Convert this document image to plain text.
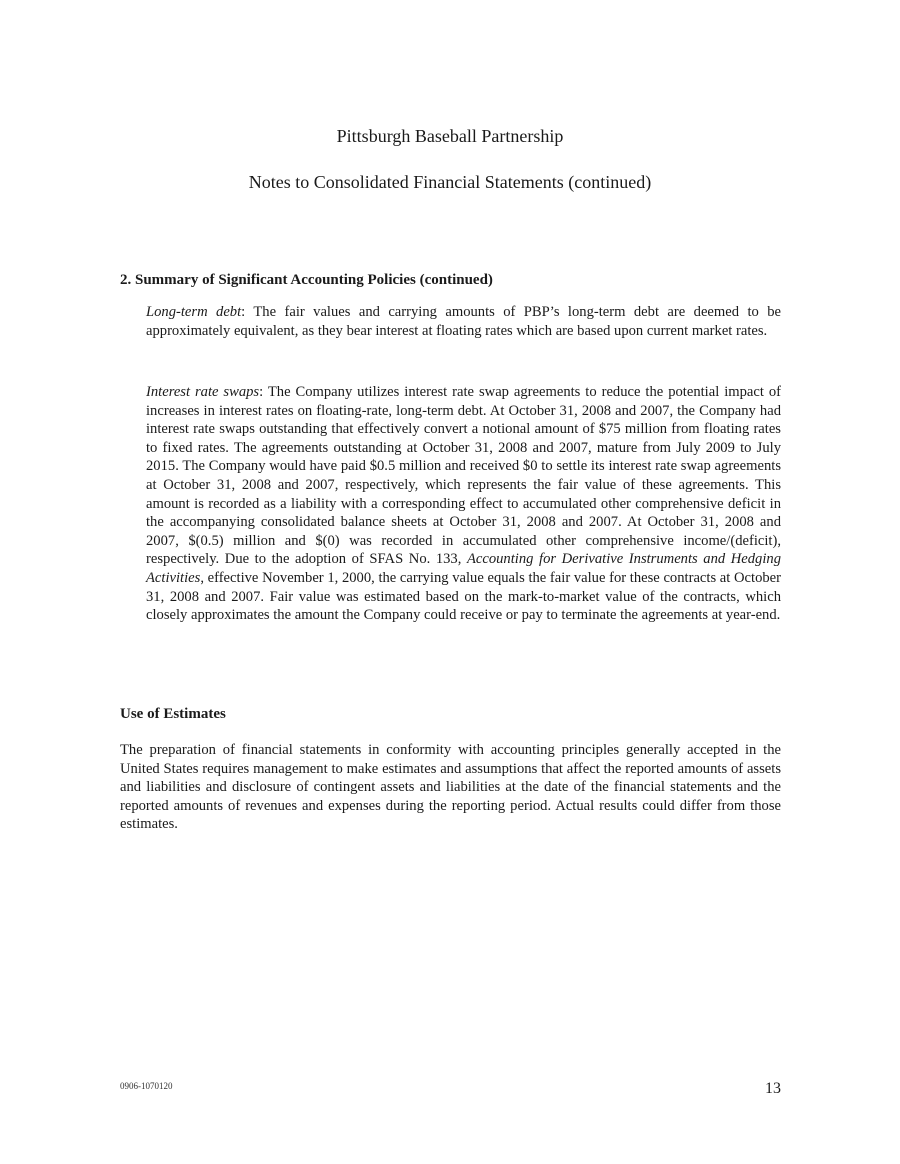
Pittsburgh Baseball Partnership
Notes to Consolidated Financial Statements (continued)
2. Summary of Significant Accounting Policies (continued)

Long-term debt: The fair values and carrying amounts of PBP’s long-term debt are deemed to be approximately equivalent, as they bear interest at floating rates which are based upon current market rates.

Interest rate swaps: The Company utilizes interest rate swap agreements to reduce the potential impact of increases in interest rates on floating-rate, long-term debt. At October 31, 2008 and 2007, the Company had interest rate swaps outstanding that effectively convert a notional amount of $75 million from floating rates to fixed rates. The agreements outstanding at October 31, 2008 and 2007, mature from July 2009 to July 2015. The Company would have paid $0.5 million and received $0 to settle its interest rate swap agreements at October 31, 2008 and 2007, respectively, which represents the fair value of these agreements. This amount is recorded as a liability with a corresponding effect to accumulated other comprehensive deficit in the accompanying consolidated balance sheets at October 31, 2008 and 2007. At October 31, 2008 and 2007, $(0.5) million and $(0) was recorded in accumulated other comprehensive income/(deficit), respectively. Due to the adoption of SFAS No. 133, Accounting for Derivative Instruments and Hedging Activities, effective November 1, 2000, the carrying value equals the fair value for these contracts at October 31, 2008 and 2007. Fair value was estimated based on the mark-to-market value of the contracts, which closely approximates the amount the Company could receive or pay to terminate the agreements at year-end.

Use of Estimates

The preparation of financial statements in conformity with accounting principles generally accepted in the United States requires management to make estimates and assumptions that affect the reported amounts of assets and liabilities and disclosure of contingent assets and liabilities at the date of the financial statements and the reported amounts of revenues and expenses during the reporting period. Actual results could differ from those estimates.

0906-1070120	13
